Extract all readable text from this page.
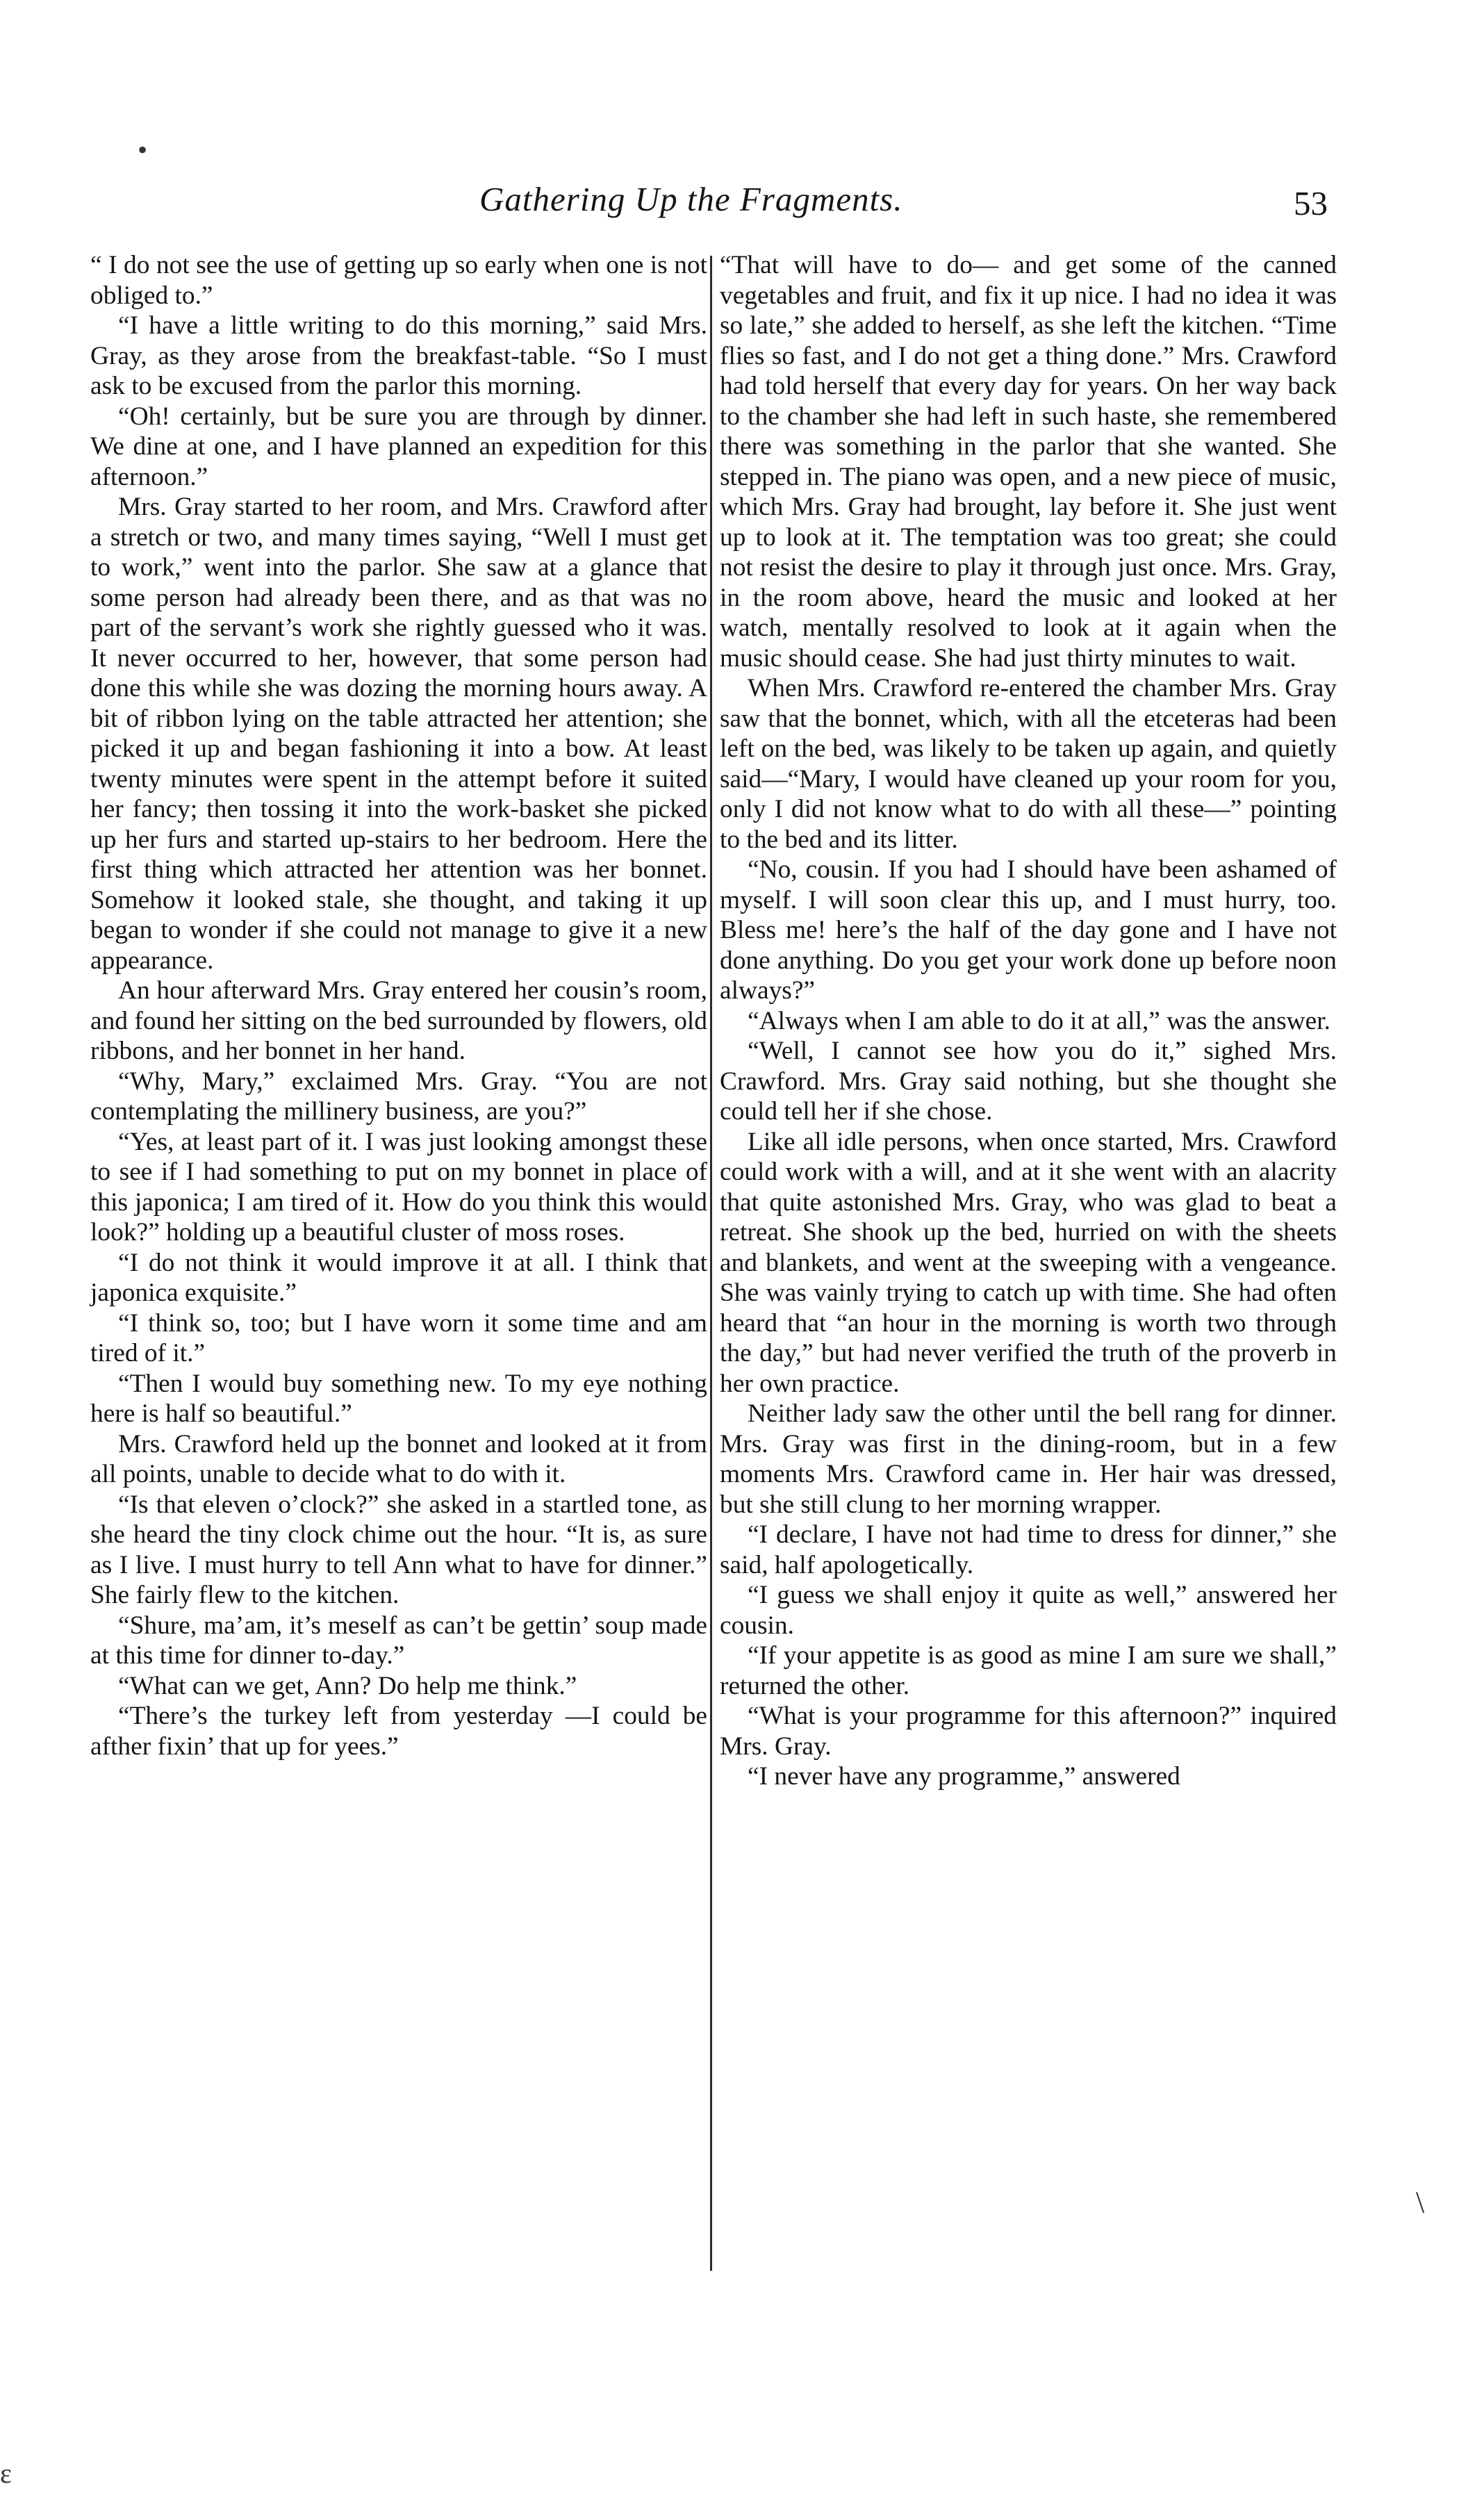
•
Gathering Up the Fragments.	53

“ I do not see the use of getting up so early when one is not obliged to.”

“I have a little writing to do this morning,” said Mrs. Gray, as they arose from the breakfast-table. “So I must ask to be excused from the parlor this morning.

“Oh! certainly, but be sure you are through by dinner. We dine at one, and I have planned an expedition for this afternoon.”

Mrs. Gray started to her room, and Mrs. Crawford after a stretch or two, and many times saying, “Well I must get to work,” went into the parlor. She saw at a glance that some person had already been there, and as that was no part of the servant’s work she rightly guessed who it was. It never occurred to her, however, that some person had done this while she was dozing the morning hours away. A bit of ribbon lying on the table attracted her attention; she picked it up and began fashioning it into a bow. At least twenty minutes were spent in the attempt before it suited her fancy; then tossing it into the work-basket she picked up her furs and started up-stairs to her bedroom. Here the first thing which attracted her attention was her bonnet. Somehow it looked stale, she thought, and taking it up began to wonder if she could not manage to give it a new appearance.

An hour afterward Mrs. Gray entered her cousin’s room, and found her sitting on the bed surrounded by flowers, old ribbons, and her bonnet in her hand.

“Why, Mary,” exclaimed Mrs. Gray. “You are not contemplating the millinery business, are you?”

“Yes, at least part of it. I was just looking amongst these to see if I had something to put on my bonnet in place of this japonica; I am tired of it. How do you think this would look?” holding up a beautiful cluster of moss roses.

“I do not think it would improve it at all. I think that japonica exquisite.”

“I think so, too; but I have worn it some time and am tired of it.”

“Then I would buy something new. To my eye nothing here is half so beautiful.”

Mrs. Crawford held up the bonnet and looked at it from all points, unable to decide what to do with it.

“Is that eleven o’clock?” she asked in a startled tone, as she heard the tiny clock chime out the hour. “It is, as sure as I live. I must hurry to tell Ann what to have for dinner.” She fairly flew to the kitchen.

“Shure, ma’am, it’s meself as can’t be gettin’ soup made at this time for dinner to-day.”

“What can we get, Ann? Do help me think.”

“There’s the turkey left from yesterday —I could be afther fixin’ that up for yees.”

“That will have to do— and get some of the canned vegetables and fruit, and fix it up nice. I had no idea it was so late,” she added to herself, as she left the kitchen. “Time flies so fast, and I do not get a thing done.” Mrs. Crawford had told herself that every day for years. On her way back to the chamber she had left in such haste, she remembered there was something in the parlor that she wanted. She stepped in. The piano was open, and a new piece of music, which Mrs. Gray had brought, lay before it. She just went up to look at it. The temptation was too great; she could not resist the desire to play it through just once. Mrs. Gray, in the room above, heard the music and looked at her watch, mentally resolved to look at it again when the music should cease. She had just thirty minutes to wait.

When Mrs. Crawford re-entered the chamber Mrs. Gray saw that the bonnet, which, with all the etceteras had been left on the bed, was likely to be taken up again, and quietly said—“Mary, I would have cleaned up your room for you, only I did not know what to do with all these—” pointing to the bed and its litter.

“No, cousin. If you had I should have been ashamed of myself. I will soon clear this up, and I must hurry, too. Bless me! here’s the half of the day gone and I have not done anything. Do you get your work done up before noon always?”

“Always when I am able to do it at all,” was the answer.

“Well, I cannot see how you do it,” sighed Mrs. Crawford. Mrs. Gray said nothing, but she thought she could tell her if she chose.

Like all idle persons, when once started, Mrs. Crawford could work with a will, and at it she went with an alacrity that quite astonished Mrs. Gray, who was glad to beat a retreat. She shook up the bed, hurried on with the sheets and blankets, and went at the sweeping with a vengeance. She was vainly trying to catch up with time. She had often heard that “an hour in the morning is worth two through the day,” but had never verified the truth of the proverb in her own practice.

Neither lady saw the other until the bell rang for dinner. Mrs. Gray was first in the dining-room, but in a few moments Mrs. Crawford came in. Her hair was dressed, but she still clung to her morning wrapper.

“I declare, I have not had time to dress for dinner,” she said, half apologetically.

“I guess we shall enjoy it quite as well,” answered her cousin.

“If your appetite is as good as mine I am sure we shall,” returned the other.

“What is your programme for this afternoon?” inquired Mrs. Gray.

“I never have any programme,” answered

\
ε
